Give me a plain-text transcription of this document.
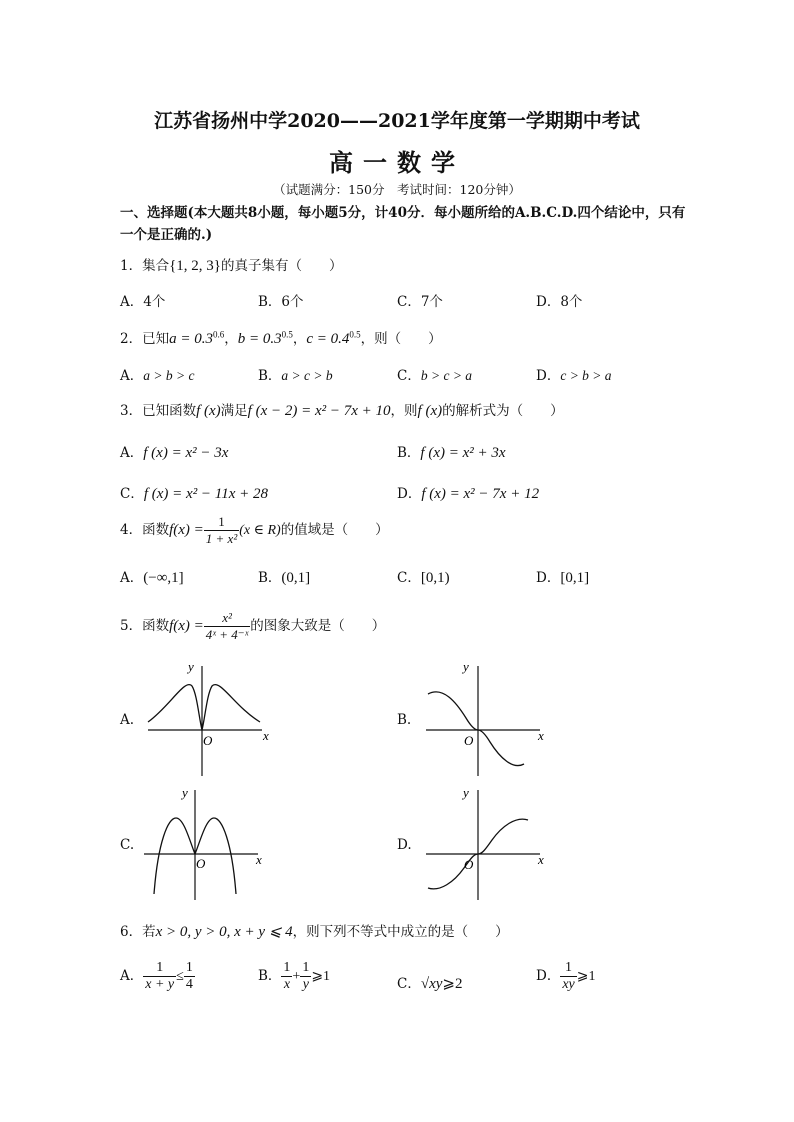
江苏省扬州中学2020——2021学年度第一学期期中考试
高一数学
（试题满分：150分　考试时间：120分钟）
一、选择题(本大题共8小题，每小题5分，计40分．每小题所给的A.B.C.D.四个结论中，只有一个是正确的.)
1．集合{1, 2, 3}的真子集有（　　）
A．4个	B．6个	C．7个	D．8个
2．已知$a = 0.3^{0.6}$，$b = 0.3^{0.5}$，$c = 0.4^{0.5}$，则（　　）
A．a > b > c	B．a > c > b	C．b > c > a	D．c > b > a
3．已知函数f (x)满足f (x − 2) = x² − 7x + 10，则f (x)的解析式为（　　）
A．f (x) = x² − 3x	B．f (x) = x² + 3x
C．f (x) = x² − 11x + 28	D．f (x) = x² − 7x + 12
4．函数$f(x) = \frac{1}{\text{1 + x²}} (x$ ∈ R)的值域是（　　）
A．(−∞,1]	B．(0,1]	C．[0,1)	D．[0,1]
5．函数$f(x) = \frac{\text{x²}}{\text{4ˣ + 4⁻ˣ}}$ 的图象大致是（　　）
A.	B.
C.	D.
y
x
O
y
x
O
y
x
O
y
x
O
6．若x > 0, y > 0, x + y ⩽ 4，则下列不等式中成立的是（　　）
A． $\frac{1}{x + y} \le \frac{1}{4}$	B． $\frac{1}{x} + \frac{1}{y}$ ⩾1	C．√xy⩾2	D． $\frac{1}{xy}$ ⩾1
